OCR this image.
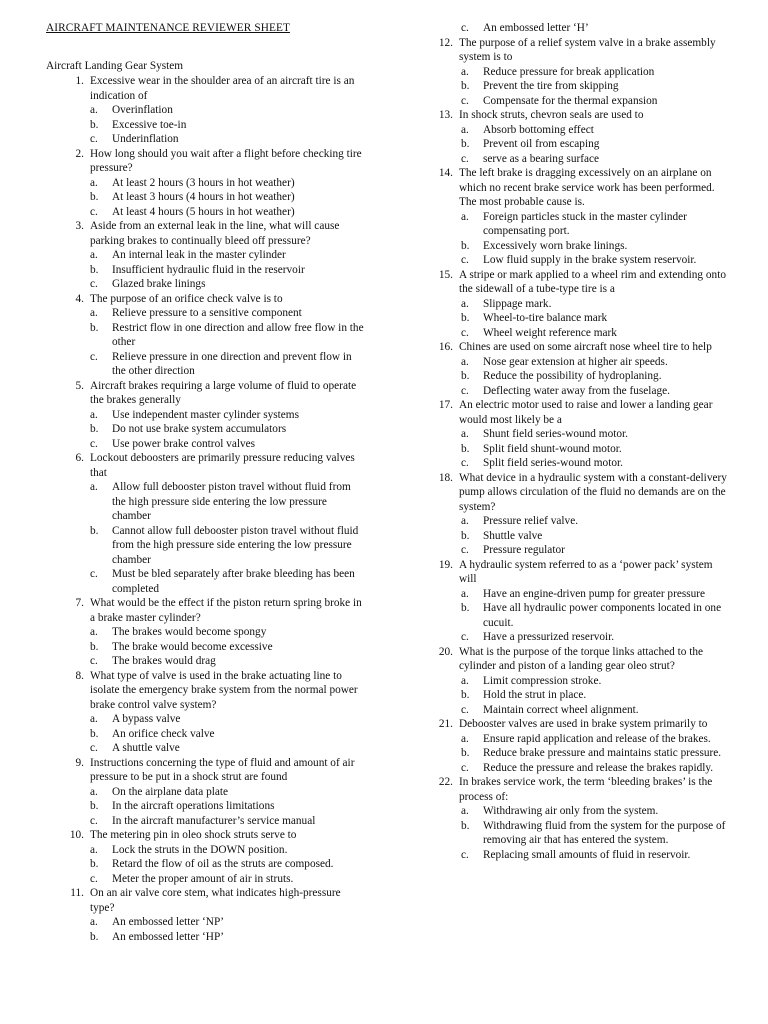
AIRCRAFT MAINTENANCE REVIEWER SHEET
Aircraft Landing Gear System
1. Excessive wear in the shoulder area of an aircraft tire is an indication of
a.	Overinflation
b.	Excessive toe-in
c.	Underinflation
2. How long should you wait after a flight before checking tire pressure?
a.	At least 2 hours (3 hours in hot weather)
b.	At least 3 hours (4 hours in hot weather)
c.	At least 4 hours (5 hours in hot weather)
3. Aside from an external leak in the line, what will cause parking brakes to continually bleed off pressure?
a.	An internal leak in the master cylinder
b.	Insufficient hydraulic fluid in the reservoir
c.	Glazed brake linings
4. The purpose of an orifice check valve is to
a.	Relieve pressure to a sensitive component
b.	Restrict flow in one direction and allow free flow in the other
c.	Relieve pressure in one direction and prevent flow in the other direction
5. Aircraft brakes requiring a large volume of fluid to operate the brakes generally
a.	Use independent master cylinder systems
b.	Do not use brake system accumulators
c.	Use power brake control valves
6. Lockout deboosters are primarily pressure reducing valves that
a.	Allow full debooster piston travel without fluid from the high pressure side entering the low pressure chamber
b.	Cannot allow full debooster piston travel without fluid from the high pressure side entering the low pressure chamber
c.	Must be bled separately after brake bleeding has been completed
7. What would be the effect if the piston return spring broke in a brake master cylinder?
a.	The brakes would become spongy
b.	The brake would become excessive
c.	The brakes would drag
8. What type of valve is used in the brake actuating line to isolate the emergency brake system from the normal power brake control valve system?
a.	A bypass valve
b.	An orifice check valve
c.	A shuttle valve
9. Instructions concerning the type of fluid and amount of air pressure to be put in a shock strut are found
a.	On the airplane data plate
b.	In the aircraft operations limitations
c.	In the aircraft manufacturer’s service manual
10. The metering pin in oleo shock struts serve to
a.	Lock the struts in the DOWN position.
b.	Retard the flow of oil as the struts are composed.
c.	Meter the proper amount of air in struts.
11. On an air valve core stem, what indicates high-pressure type?
a.	An embossed letter ‘NP’
b.	An embossed letter ‘HP’
c.	An embossed letter ‘H’
12. The purpose of a relief system valve in a brake assembly system is to
a.	Reduce pressure for break application
b.	Prevent the tire from skipping
c.	Compensate for the thermal expansion
13. In shock struts, chevron seals are used to
a.	Absorb bottoming effect
b.	Prevent oil from escaping
c.	serve as a bearing surface
14. The left brake is dragging excessively on an airplane on which no recent brake service work has been performed. The most probable cause is.
a.	Foreign particles stuck in the master cylinder compensating port.
b.	Excessively worn brake linings.
c.	Low fluid supply in the brake system reservoir.
15. A stripe or mark applied to a wheel rim and extending onto the sidewall of a tube-type tire is a
a.	Slippage mark.
b.	Wheel-to-tire balance mark
c.	Wheel weight reference mark
16. Chines are used on some aircraft nose wheel tire to help
a.	Nose gear extension at higher air speeds.
b.	Reduce the possibility of hydroplaning.
c.	Deflecting water away from the fuselage.
17. An electric motor used to raise and lower a landing gear would most likely be a
a.	Shunt field series-wound motor.
b.	Split field shunt-wound motor.
c.	Split field series-wound motor.
18. What device in a hydraulic system with a constant-delivery pump allows circulation of the fluid no demands are on the system?
a.	Pressure relief valve.
b.	Shuttle valve
c.	Pressure regulator
19. A hydraulic system referred to as a ‘power pack’ system will
a.	Have an engine-driven pump for greater pressure
b.	Have all hydraulic power components located in one cucuit.
c.	Have a pressurized reservoir.
20. What is the purpose of the torque links attached to the cylinder and piston of a landing gear oleo strut?
a.	Limit compression stroke.
b.	Hold the strut in place.
c.	Maintain correct wheel alignment.
21. Debooster valves are used in brake system primarily to
a.	Ensure rapid application and release of the brakes.
b.	Reduce brake pressure and maintains static pressure.
c.	Reduce the pressure and release the brakes rapidly.
22. In brakes service work, the term ‘bleeding brakes’ is the process of:
a.	Withdrawing air only from the system.
b.	Withdrawing fluid from the system for the purpose of removing air that has entered the system.
c.	Replacing small amounts of fluid in reservoir.
